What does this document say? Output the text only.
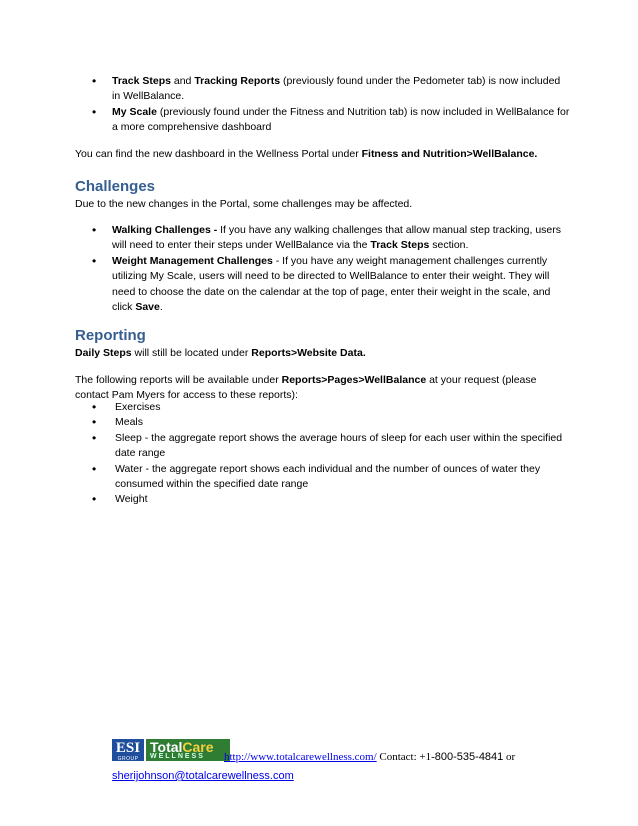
• Track Steps and Tracking Reports (previously found under the Pedometer tab) is now included in WellBalance.
• My Scale (previously found under the Fitness and Nutrition tab) is now included in WellBalance for a more comprehensive dashboard

You can find the new dashboard in the Wellness Portal under Fitness and Nutrition>WellBalance.

Challenges

Due to the new changes in the Portal, some challenges may be affected.

• Walking Challenges - If you have any walking challenges that allow manual step tracking, users will need to enter their steps under WellBalance via the Track Steps section.
• Weight Management Challenges - If you have any weight management challenges currently utilizing My Scale, users will need to be directed to WellBalance to enter their weight. They will need to choose the date on the calendar at the top of page, enter their weight in the scale, and click Save.
Reporting

Daily Steps will still be located under Reports>Website Data.

The following reports will be available under Reports>Pages>WellBalance at your request (please contact Pam Myers for access to these reports):

• Exercises
• Meals
• Sleep - the aggregate report shows the average hours of sleep for each user within the specified date range
• Water - the aggregate report shows each individual and the number of ounces of water they consumed within the specified date range
• Weight
ESI
GROUP
TotalCare
WELLNESS http://www.totalcarewellness.com/ Contact: +1-800-535-4841 or
sherijohnson@totalcarewellness.com
